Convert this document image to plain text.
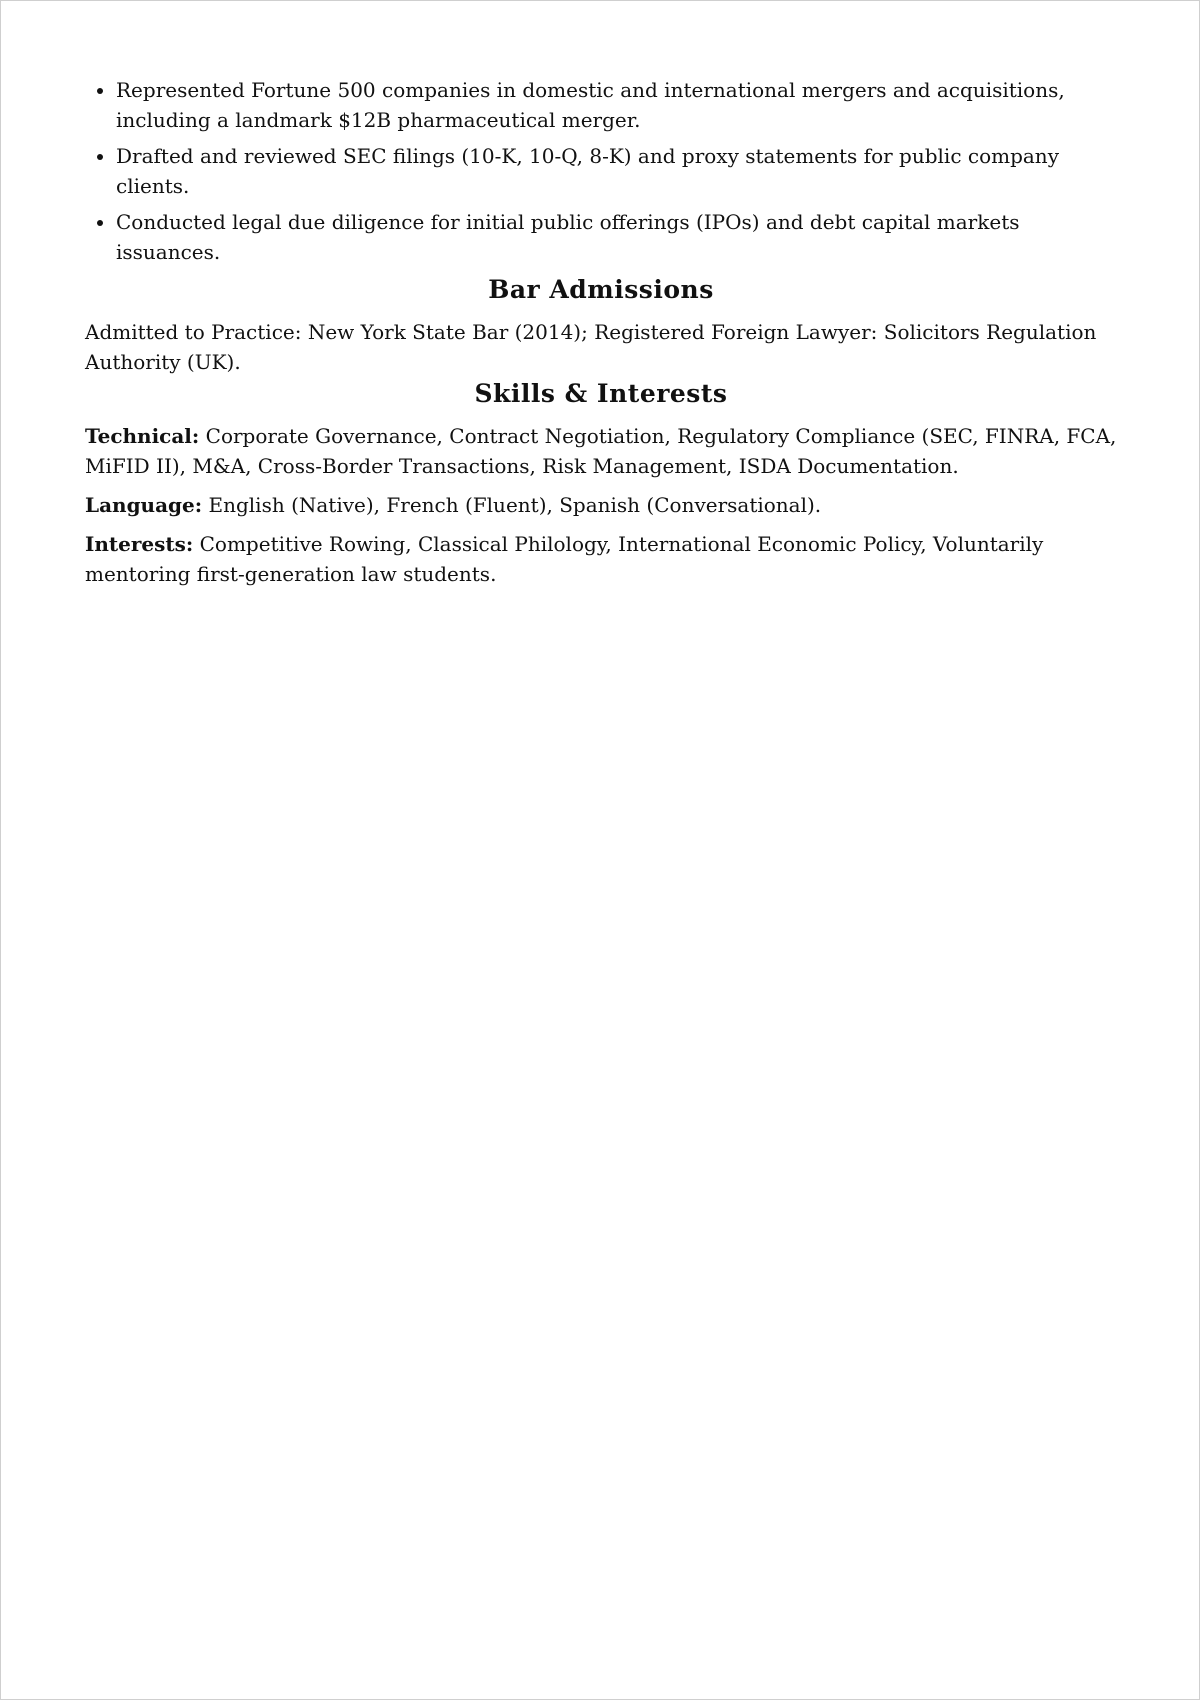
• Represented Fortune 500 companies in domestic and international mergers and acquisitions, including a landmark $12B pharmaceutical merger.
• Drafted and reviewed SEC filings (10-K, 10-Q, 8-K) and proxy statements for public company clients.
• Conducted legal due diligence for initial public offerings (IPOs) and debt capital markets issuances.
Bar Admissions

Admitted to Practice: New York State Bar (2014); Registered Foreign Lawyer: Solicitors Regulation Authority (UK).

Skills & Interests

Technical: Corporate Governance, Contract Negotiation, Regulatory Compliance (SEC, FINRA, FCA, MiFID II), M&A, Cross-Border Transactions, Risk Management, ISDA Documentation.

Language: English (Native), French (Fluent), Spanish (Conversational).

Interests: Competitive Rowing, Classical Philology, International Economic Policy, Voluntarily mentoring first-generation law students.
